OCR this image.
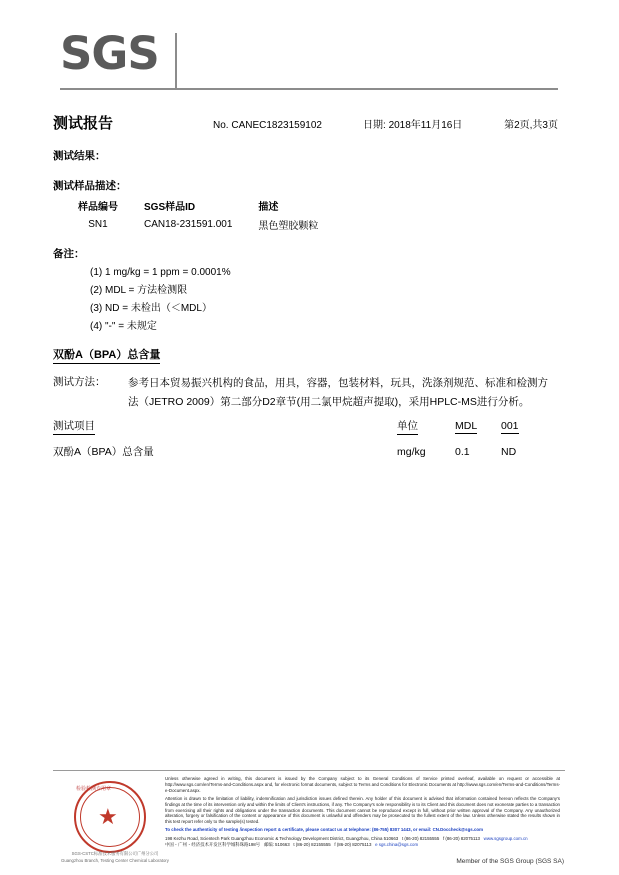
SGS
测试报告	No. CANEC1823159102	日期: 2018年11月16日	第2页,共3页
测试结果：
测试样品描述：
样品编号	SGS样品ID	描述
SN1	CAN18-231591.001	黑色塑胶颗粒
备注：
(1) 1 mg/kg = 1 ppm = 0.0001%
(2) MDL = 方法检测限
(3) ND = 未检出（＜MDL）
(4) "-" = 未规定
双酚A（BPA）总含量
测试方法： 参考日本贸易振兴机构的食品，用具，容器，包装材料，玩具，洗涤剂规范、标准和检测方法（JETRO 2009）第二部分D2章节(用二氯甲烷超声提取)，采用HPLC-MS进行分析。
测试项目	单位	MDL	001
双酚A（BPA）总含量	mg/kg	0.1	ND
★
检验检测专用章
SGS-CSTC标准技术服务有限公司广州分公司
Guangzhou Branch, Testing Center Chemical Laboratory
Unless otherwise agreed in writing, this document is issued by the Company subject to its General Conditions of Service printed overleaf, available on request or accessible at http://www.sgs.com/en/Terms-and-Conditions.aspx and, for electronic format documents, subject to Terms and Conditions for Electronic Documents at http://www.sgs.com/en/Terms-and-Conditions/Terms-e-Document.aspx.
Attention is drawn to the limitation of liability, indemnification and jurisdiction issues defined therein. Any holder of this document is advised that information contained hereon reflects the Company's findings at the time of its intervention only and within the limits of Client's instructions, if any. The Company's sole responsibility is to its Client and this document does not exonerate parties to a transaction from exercising all their rights and obligations under the transaction documents. This document cannot be reproduced except in full, without prior written approval of the Company. Any unauthorized alteration, forgery or falsification of the content or appearance of this document is unlawful and offenders may be prosecuted to the fullest extent of the law. Unless otherwise stated the results shown in this test report refer only to the sample(s) tested.
To check the authenticity of testing /inspection report & certificate, please contact us at telephone: (86-755) 8307 1443, or email: CN.Doccheck@sgs.com
198 Kezhu Road, Scientech Park Guangzhou Economic & Technology Development District, Guangzhou, China 510663 t (86-20) 82155555 f (86-20) 82075113 www.sgsgroup.com.cn
中国・广州・经济技术开发区科学城科珠路198号 邮编: 510663 t (86-20) 82155555 f (86-20) 82075113 e sgs.china@sgs.com
Member of the SGS Group (SGS SA)
